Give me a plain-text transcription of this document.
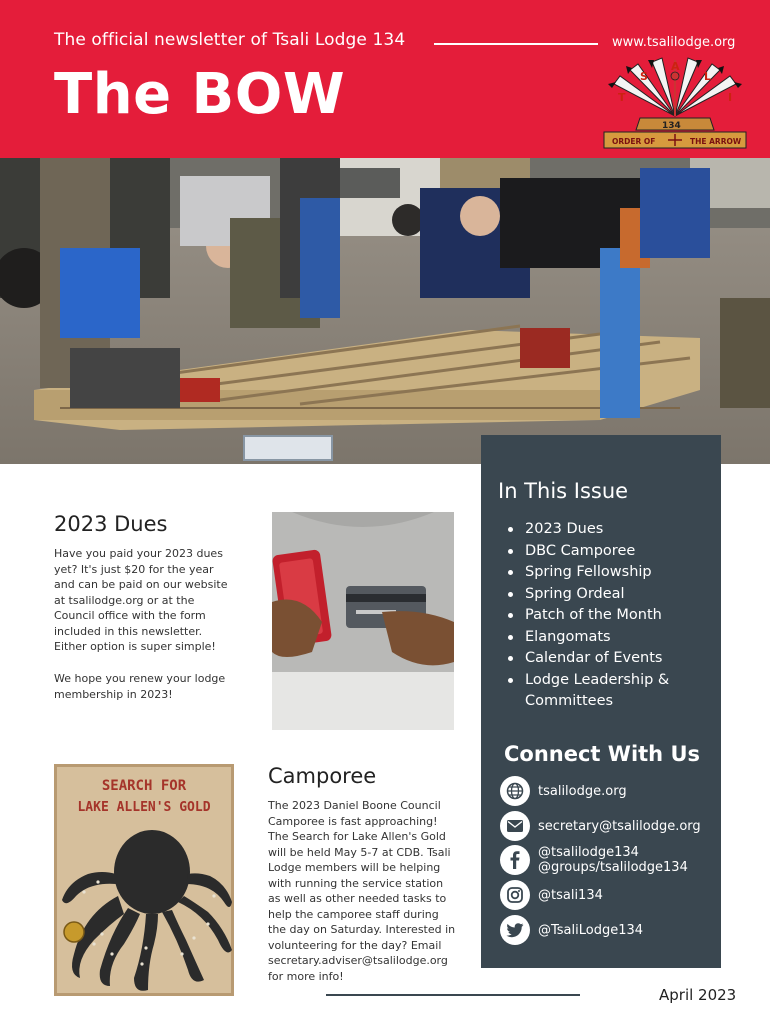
The official newsletter of Tsali Lodge 134	www.tsalilodge.org
The BOW	T
S
A
L
I
134
ORDER OF	THE ARROW
In This Issue
2023 Dues
DBC Camporee
Spring Fellowship
Spring Ordeal
Patch of the Month
Elangomats
Calendar of Events
Lodge Leadership & Committees
Connect With Us
tsalilodge.org
secretary@tsalilodge.org
@tsalilodge134
@groups/tsalilodge134
@tsali134
@TsaliLodge134
2023 Dues
Have you paid your 2023 dues yet? It's just $20 for the year and can be paid on our website at tsalilodge.org or at the Council office with the form included in this newsletter. Either option is super simple!
We hope you renew your lodge membership in 2023!
SEARCH FOR
LAKE ALLEN'S GOLD
Camporee
The 2023 Daniel Boone Council Camporee is fast approaching! The Search for Lake Allen's Gold will be held May 5-7 at CDB. Tsali Lodge members will be helping with running the service station as well as other needed tasks to help the camporee staff during the day on Saturday. Interested in volunteering for the day? Email secretary.adviser@tsalilodge.org for more info!
April 2023
